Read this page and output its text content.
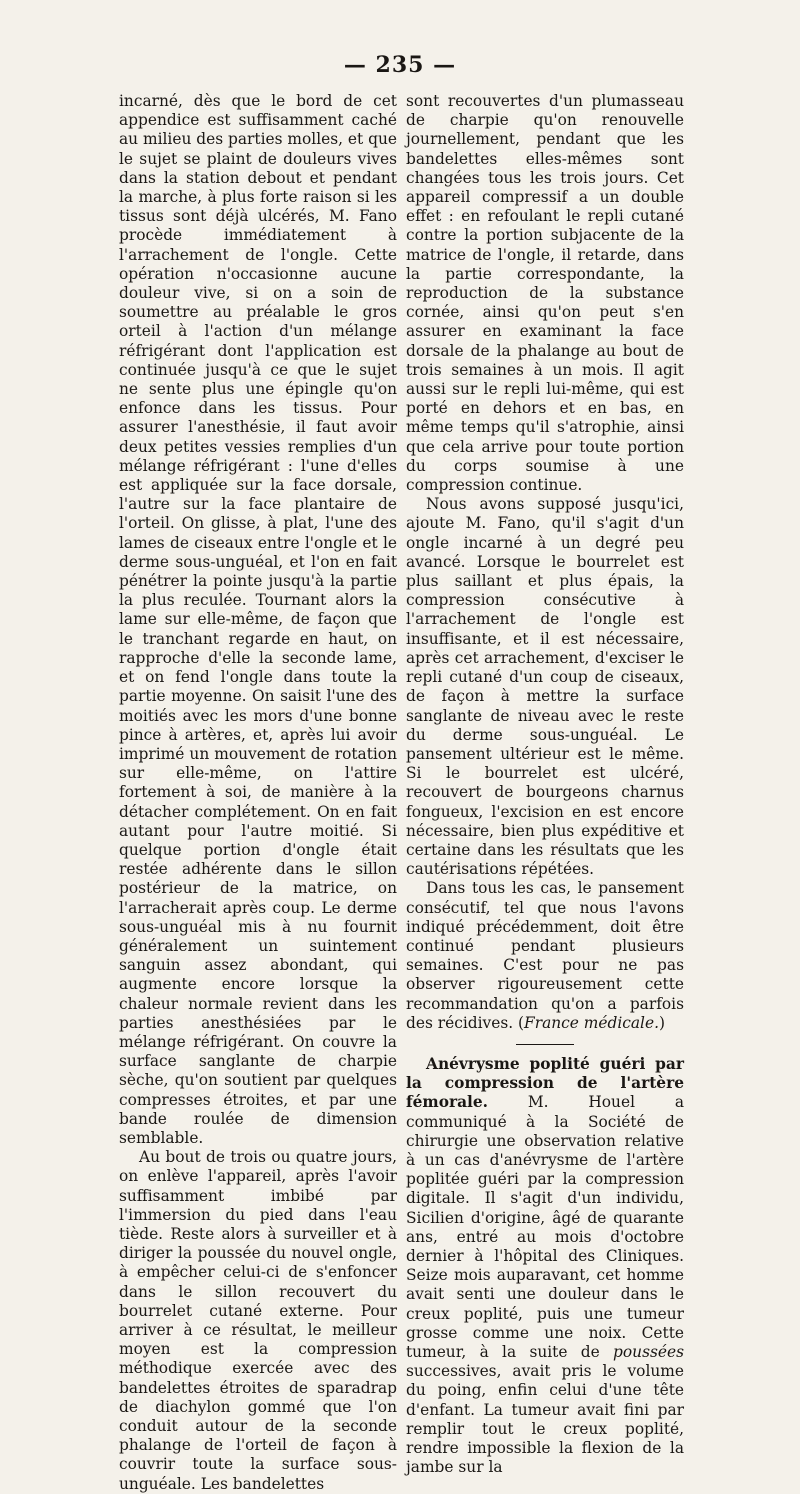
— 235 —

incarné, dès que le bord de cet appendice est suffisamment caché au milieu des parties molles, et que le sujet se plaint de douleurs vives dans la station debout et pendant la marche, à plus forte raison si les tissus sont déjà ulcérés, M. Fano procède immédiatement à l'arrachement de l'ongle. Cette opération n'occasionne aucune douleur vive, si on a soin de soumettre au préalable le gros orteil à l'action d'un mélange réfrigérant dont l'application est continuée jusqu'à ce que le sujet ne sente plus une épingle qu'on enfonce dans les tissus. Pour assurer l'anesthésie, il faut avoir deux petites vessies remplies d'un mélange réfrigérant : l'une d'elles est appliquée sur la face dorsale, l'autre sur la face plantaire de l'orteil. On glisse, à plat, l'une des lames de ciseaux entre l'ongle et le derme sous-unguéal, et l'on en fait pénétrer la pointe jusqu'à la partie la plus reculée. Tournant alors la lame sur elle-même, de façon que le tranchant regarde en haut, on rapproche d'elle la seconde lame, et on fend l'ongle dans toute la partie moyenne. On saisit l'une des moitiés avec les mors d'une bonne pince à artères, et, après lui avoir imprimé un mouvement de rotation sur elle-même, on l'attire fortement à soi, de manière à la détacher complétement. On en fait autant pour l'autre moitié. Si quelque portion d'ongle était restée adhérente dans le sillon postérieur de la matrice, on l'arracherait après coup. Le derme sous-unguéal mis à nu fournit généralement un suintement sanguin assez abondant, qui augmente encore lorsque la chaleur normale revient dans les parties anesthésiées par le mélange réfrigérant. On couvre la surface sanglante de charpie sèche, qu'on soutient par quelques compresses étroites, et par une bande roulée de dimension semblable.

Au bout de trois ou quatre jours, on enlève l'appareil, après l'avoir suffisamment imbibé par l'immersion du pied dans l'eau tiède. Reste alors à surveiller et à diriger la poussée du nouvel ongle, à empêcher celui-ci de s'enfoncer dans le sillon recouvert du bourrelet cutané externe. Pour arriver à ce résultat, le meilleur moyen est la compression méthodique exercée avec des bandelettes étroites de sparadrap de diachylon gommé que l'on conduit autour de la seconde phalange de l'orteil de façon à couvrir toute la surface sous-unguéale. Les bandelettes

sont recouvertes d'un plumasseau de charpie qu'on renouvelle journellement, pendant que les bandelettes elles-mêmes sont changées tous les trois jours. Cet appareil compressif a un double effet : en refoulant le repli cutané contre la portion subjacente de la matrice de l'ongle, il retarde, dans la partie correspondante, la reproduction de la substance cornée, ainsi qu'on peut s'en assurer en examinant la face dorsale de la phalange au bout de trois semaines à un mois. Il agit aussi sur le repli lui-même, qui est porté en dehors et en bas, en même temps qu'il s'atrophie, ainsi que cela arrive pour toute portion du corps soumise à une compression continue.

Nous avons supposé jusqu'ici, ajoute M. Fano, qu'il s'agit d'un ongle incarné à un degré peu avancé. Lorsque le bourrelet est plus saillant et plus épais, la compression consécutive à l'arrachement de l'ongle est insuffisante, et il est nécessaire, après cet arrachement, d'exciser le repli cutané d'un coup de ciseaux, de façon à mettre la surface sanglante de niveau avec le reste du derme sous-unguéal. Le pansement ultérieur est le même. Si le bourrelet est ulcéré, recouvert de bourgeons charnus fongueux, l'excision en est encore nécessaire, bien plus expéditive et certaine dans les résultats que les cautérisations répétées.

Dans tous les cas, le pansement consécutif, tel que nous l'avons indiqué précédemment, doit être continué pendant plusieurs semaines. C'est pour ne pas observer rigoureusement cette recommandation qu'on a parfois des récidives. (France médicale.)

Anévrysme poplité guéri par la compression de l'artère fémorale. M. Houel a communiqué à la Société de chirurgie une observation relative à un cas d'anévrysme de l'artère poplitée guéri par la compression digitale. Il s'agit d'un individu, Sicilien d'origine, âgé de quarante ans, entré au mois d'octobre dernier à l'hôpital des Cliniques. Seize mois auparavant, cet homme avait senti une douleur dans le creux poplité, puis une tumeur grosse comme une noix. Cette tumeur, à la suite de poussées successives, avait pris le volume du poing, enfin celui d'une tête d'enfant. La tumeur avait fini par remplir tout le creux poplité, rendre impossible la flexion de la jambe sur la
